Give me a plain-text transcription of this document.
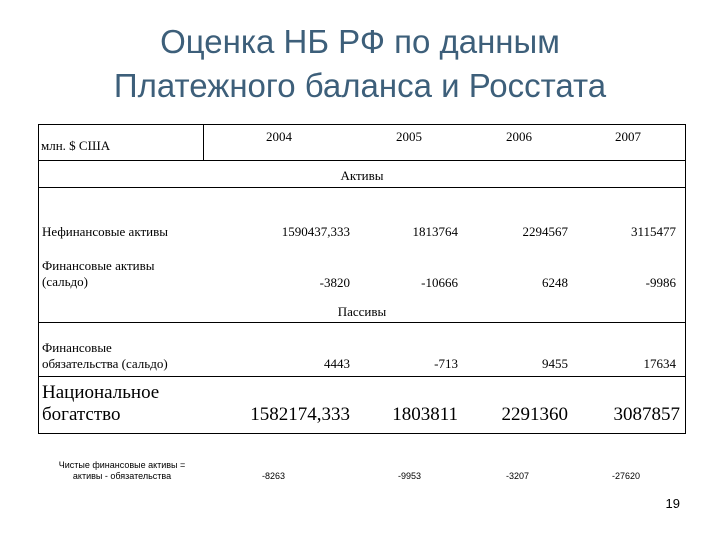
Оценка НБ РФ по данным
Платежного баланса и Росстата
млн. $ США
2004	2005	2006	2007
Активы
Нефинансовые активы	1590437,333	1813764	2294567	3115477
Финансовые активы
(сальдо)	-3820	-10666	6248	-9986
Пассивы
Финансовые
обязательства (сальдо)	4443	-713	9455	17634
Национальное
богатство	1582174,333	1803811	2291360	3087857
Чистые финансовые активы =
активы - обязательства	-8263	-9953	-3207	-27620
19
